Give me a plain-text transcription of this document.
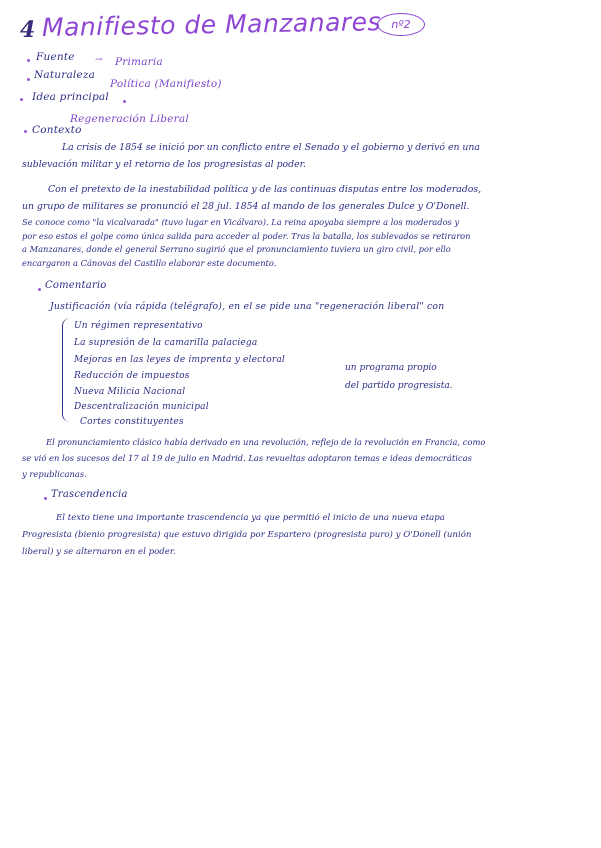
4 Manifiesto de Manzanares nº2
Fuente → Primaria
Naturaleza
Política (Manifiesto)
Idea principal
Regeneración Liberal
Contexto
La crisis de 1854 se inició por un conflicto entre el Senado y el gobierno y derivó en una
sublevación militar y el retorno de los progresistas al poder.
Con el pretexto de la inestabilidad política y de las continuas disputas entre los moderados,
un grupo de militares se pronunció el 28 jul. 1854 al mando de los generales Dulce y O'Donell.
Se conoce como "la vicalvarada" (tuvo lugar en Vicálvaro). La reina apoyaba siempre a los moderados y
por eso estos el golpe como única salida para acceder al poder. Tras la batalla, los sublevados se retiraron
a Manzanares, donde el general Serrano sugirió que el pronunciamiento tuviera un giro civil, por ello
encargaron a Cánovas del Castillo elaborar este documento.
Comentario
Justificación (vía rápida (telégrafo), en el se pide una "regeneración liberal" con
Un régimen representativo
La supresión de la camarilla palaciega
Mejoras en las leyes de imprenta y electoral
Reducción de impuestos
Nueva Milicia Nacional
Descentralización municipal
Cortes constituyentes
un programa propio
del partido progresista.
El pronunciamiento clásico había derivado en una revolución, reflejo de la revolución en Francia, como
se vió en los sucesos del 17 al 19 de julio en Madrid. Las revueltas adoptaron temas e ideas democráticas
y republicanas.
Trascendencia
El texto tiene una importante trascendencia ya que permitió el inicio de una nueva etapa
Progresista (bienio progresista) que estuvo dirigida por Espartero (progresista puro) y O'Donell (unión
liberal) y se alternaron en el poder.
